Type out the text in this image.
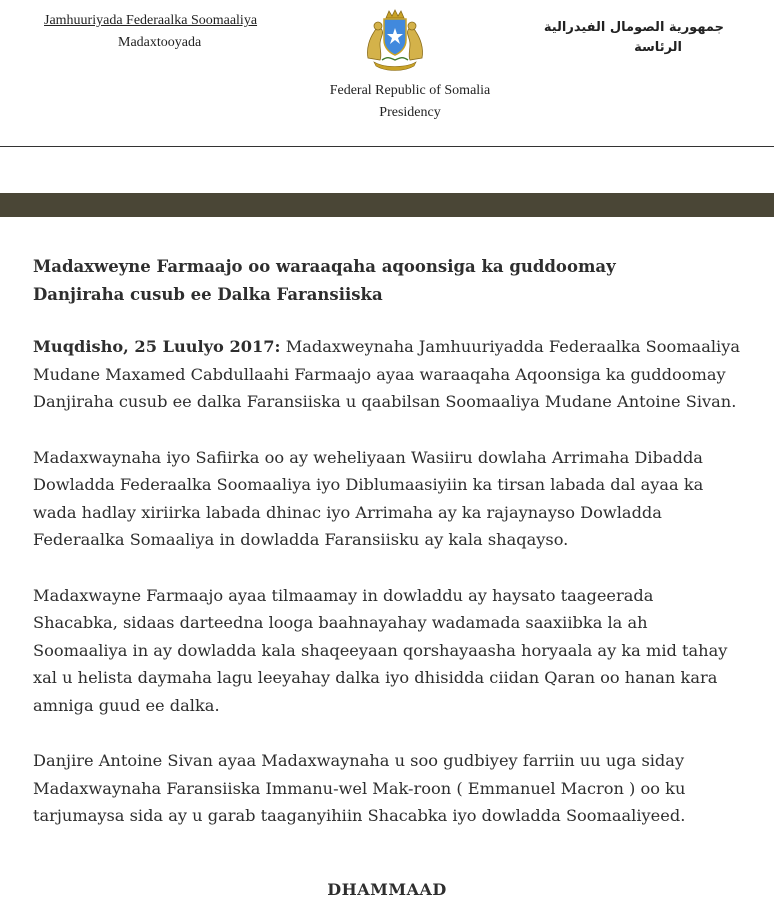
Jamhuuriyada Federaalka Soomaaliya
Madaxtooyada
جمهورية الصومال الفيدرالية
الرئاسة
Federal Republic of Somalia
Presidency
Madaxweyne Farmaajo oo waraaqaha aqoonsiga ka guddoomay
Danjiraha cusub ee Dalka Faransiiska

Muqdisho, 25 Luulyo 2017: Madaxweynaha Jamhuuriyadda Federaalka Soomaaliya Mudane Maxamed Cabdullaahi Farmaajo ayaa waraaqaha Aqoonsiga ka guddoomay Danjiraha cusub ee dalka Faransiiska u qaabilsan Soomaaliya Mudane Antoine Sivan.

Madaxwaynaha iyo Safiirka oo ay weheliyaan Wasiiru dowlaha Arrimaha Dibadda Dowladda Federaalka Soomaaliya iyo Diblumaasiyiin ka tirsan labada dal ayaa ka wada hadlay xiriirka labada dhinac iyo Arrimaha ay ka rajaynayso Dowladda Federaalka Somaaliya in dowladda Faransiisku ay kala shaqayso.

Madaxwayne Farmaajo ayaa tilmaamay in dowladdu ay haysato taageerada Shacabka, sidaas darteedna looga baahnayahay wadamada saaxiibka la ah Soomaaliya in ay dowladda kala shaqeeyaan qorshayaasha horyaala ay ka mid tahay xal u helista daymaha lagu leeyahay dalka iyo dhisidda ciidan Qaran oo hanan kara amniga guud ee dalka.

Danjire Antoine Sivan ayaa Madaxwaynaha u soo gudbiyey farriin uu uga siday Madaxwaynaha Faransiiska Immanu-wel Mak-roon ( Emmanuel Macron ) oo ku tarjumaysa sida ay u garab taaganyihiin Shacabka iyo dowladda Soomaaliyeed.

DHAMMAAD
